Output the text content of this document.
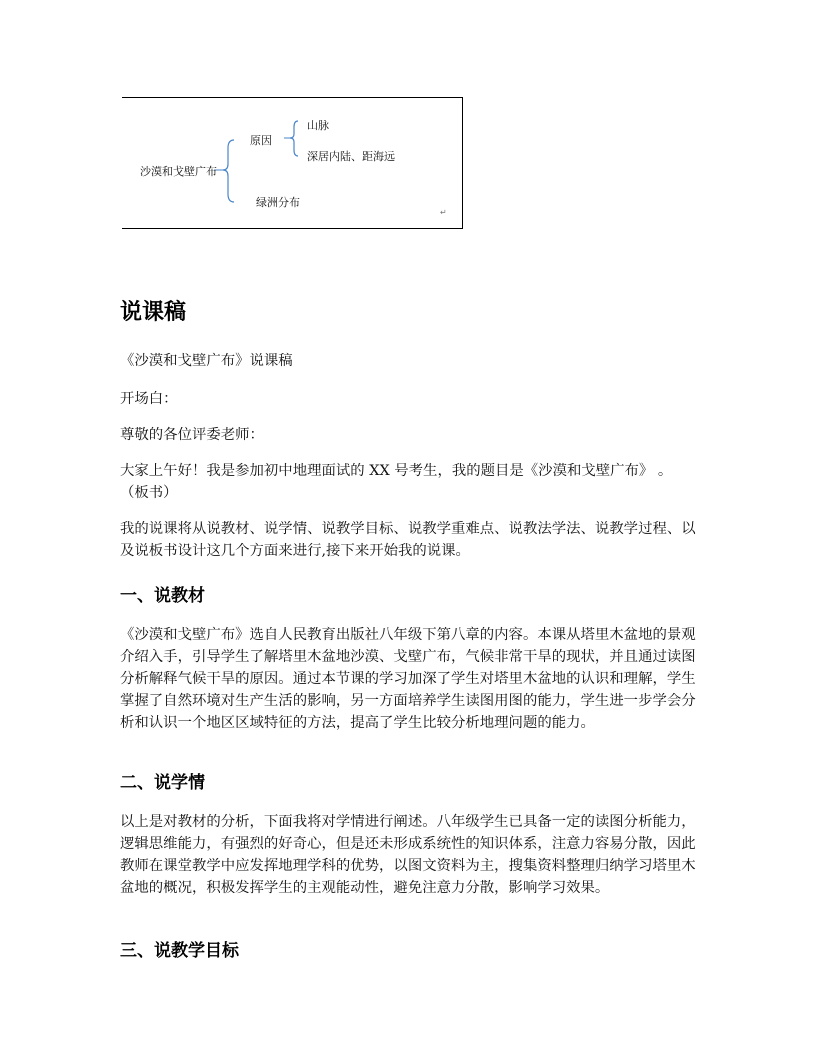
沙漠和戈壁广布
原因
山脉
深居内陆、距海远
绿洲分布
↵
说课稿

《沙漠和戈壁广布》说课稿

开场白：

尊敬的各位评委老师：

大家上午好！我是参加初中地理面试的 XX 号考生，我的题目是《沙漠和戈壁广布》 。（板书）

我的说课将从说教材、说学情、说教学目标、说教学重难点、说教法学法、说教学过程、以及说板书设计这几个方面来进行,接下来开始我的说课。

一、说教材

《沙漠和戈壁广布》选自人民教育出版社八年级下第八章的内容。本课从塔里木盆地的景观介绍入手，引导学生了解塔里木盆地沙漠、戈壁广布，气候非常干旱的现状，并且通过读图分析解释气候干旱的原因。通过本节课的学习加深了学生对塔里木盆地的认识和理解，学生掌握了自然环境对生产生活的影响，另一方面培养学生读图用图的能力，学生进一步学会分析和认识一个地区区域特征的方法，提高了学生比较分析地理问题的能力。

二、说学情

以上是对教材的分析，下面我将对学情进行阐述。八年级学生已具备一定的读图分析能力，逻辑思维能力，有强烈的好奇心，但是还未形成系统性的知识体系，注意力容易分散，因此教师在课堂教学中应发挥地理学科的优势，以图文资料为主，搜集资料整理归纳学习塔里木盆地的概况，积极发挥学生的主观能动性，避免注意力分散，影响学习效果。

三、说教学目标
